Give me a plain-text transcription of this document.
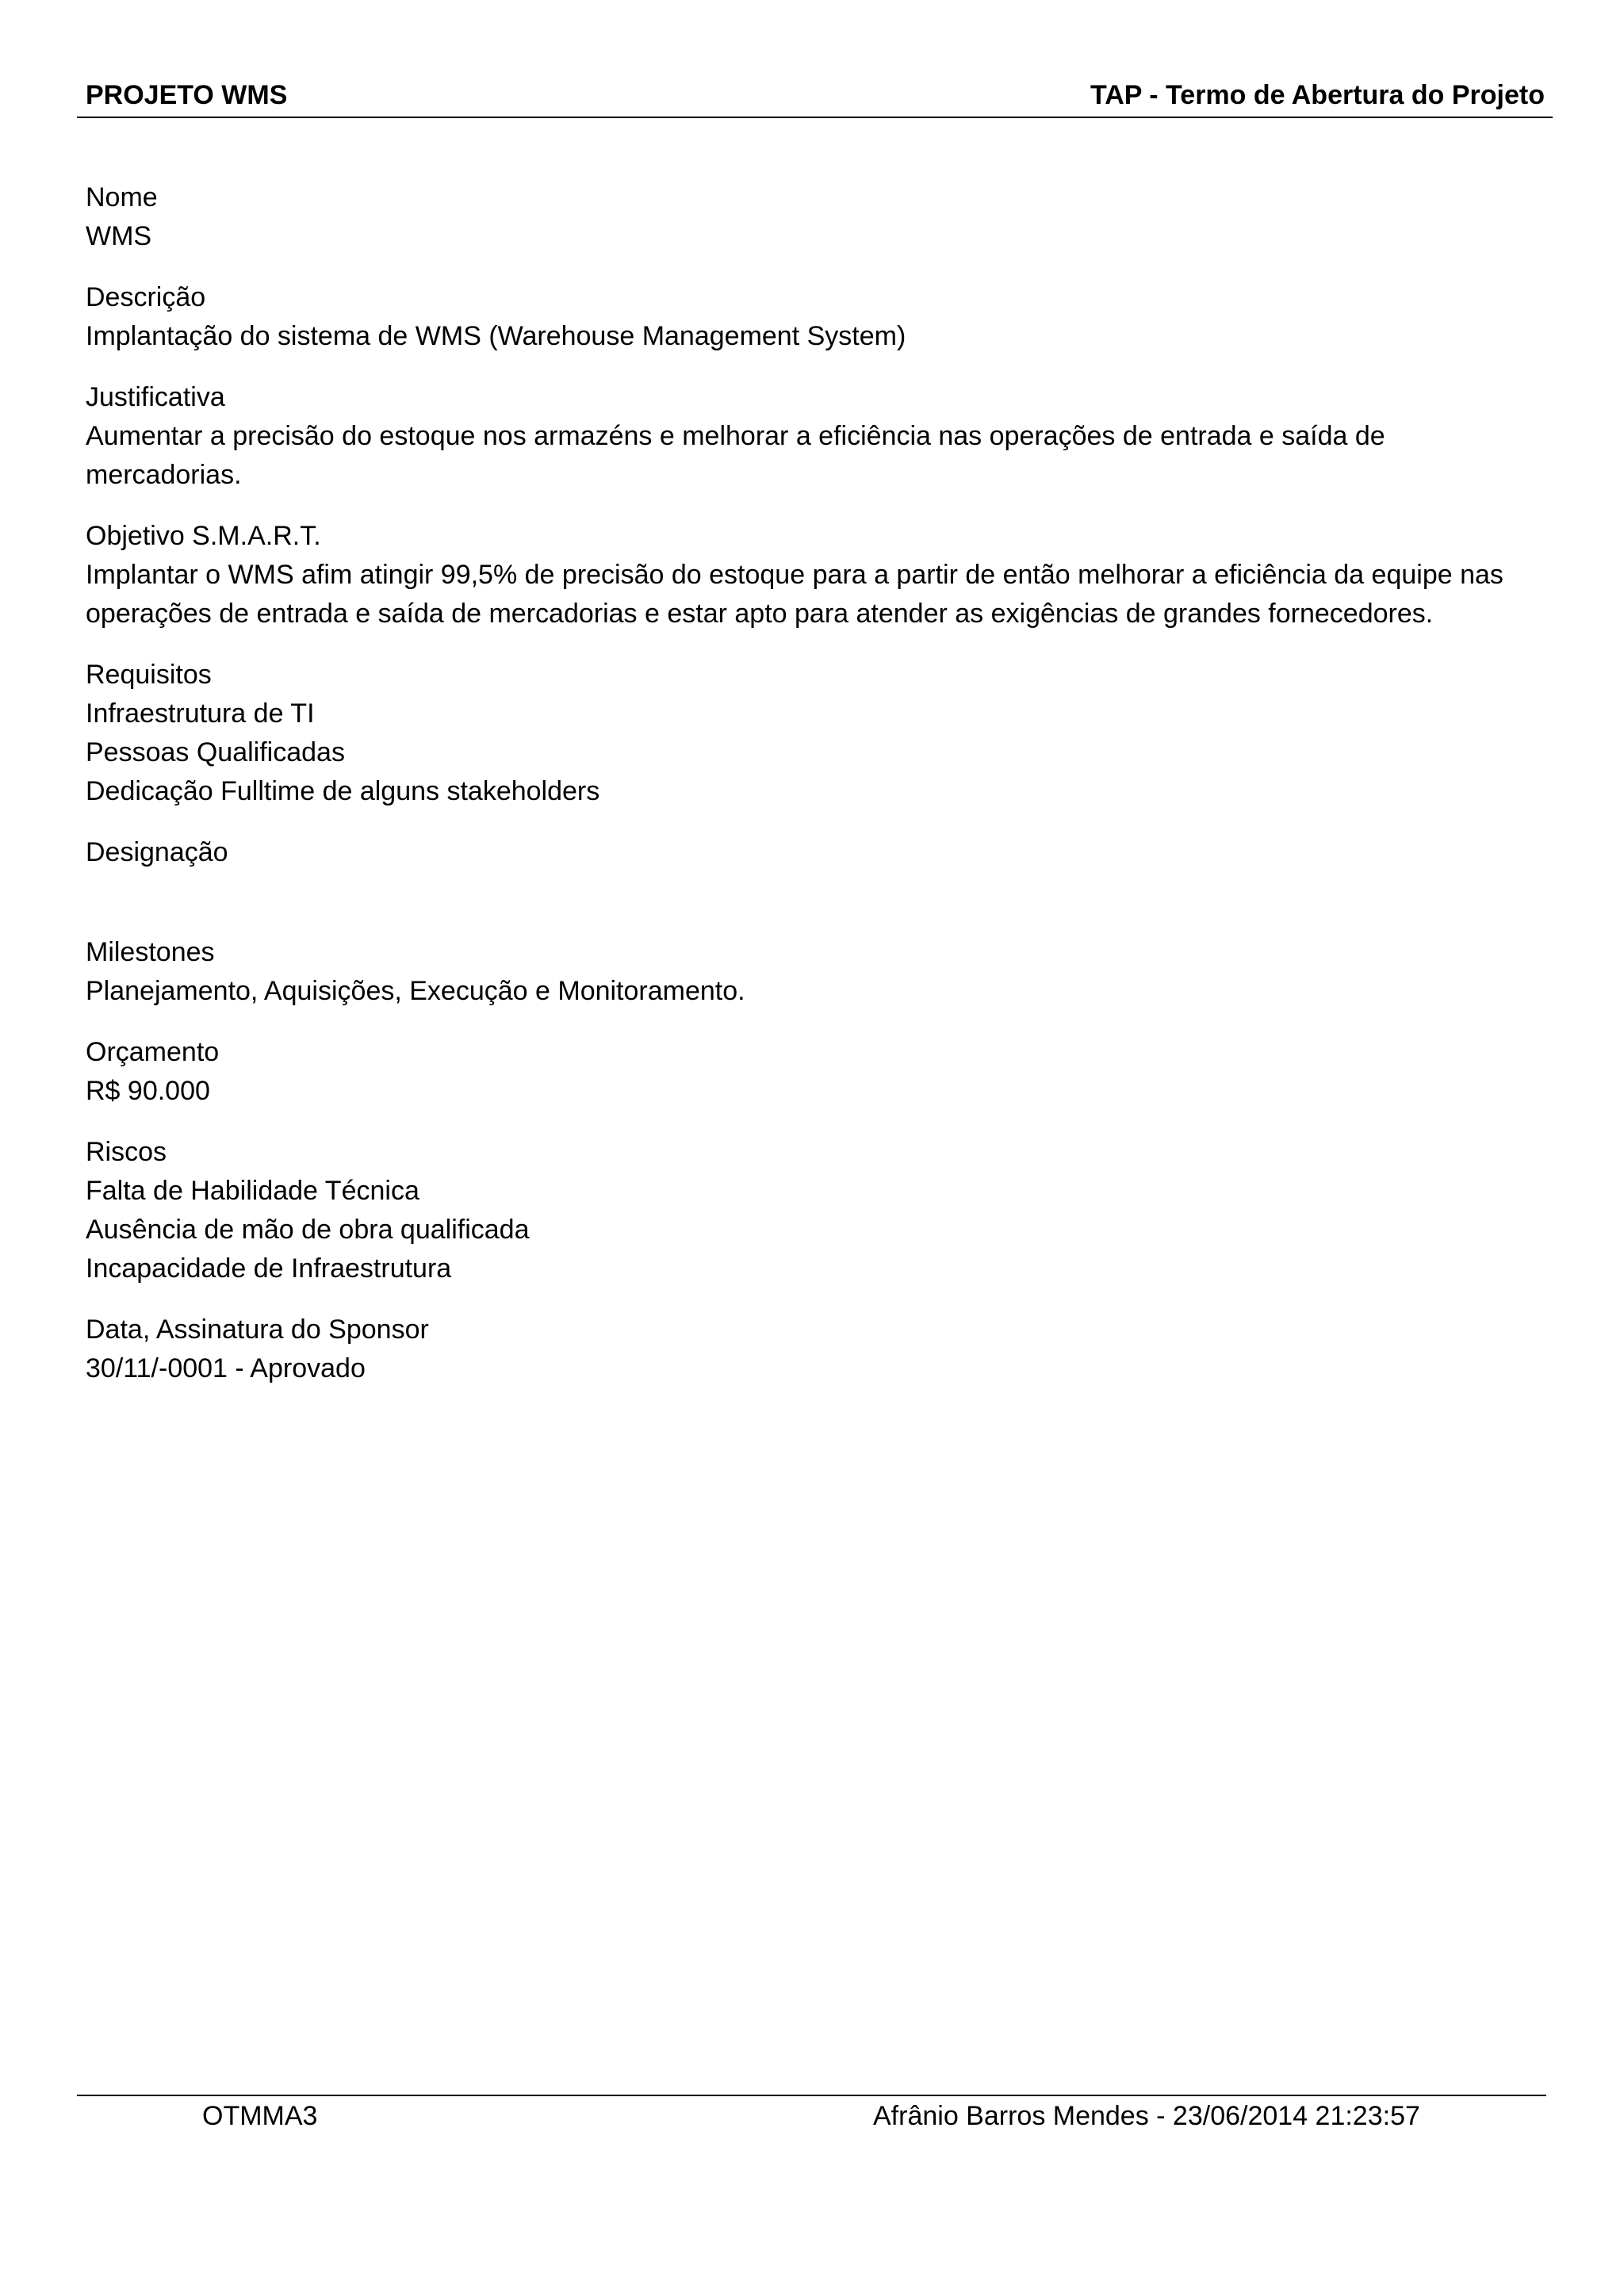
PROJETO WMS	TAP - Termo de Abertura do Projeto
Nome
WMS
Descrição
Implantação do sistema de WMS (Warehouse Management System)
Justificativa
Aumentar a precisão do estoque nos armazéns e melhorar a eficiência nas operações de entrada e saída de
mercadorias.
Objetivo S.M.A.R.T.
Implantar o WMS afim atingir 99,5% de precisão do estoque para a partir de então melhorar a eficiência da equipe nas
operações de entrada e saída de mercadorias e estar apto para atender as exigências de grandes fornecedores.
Requisitos
Infraestrutura de TI
Pessoas Qualificadas
Dedicação Fulltime de alguns stakeholders
Designação
Milestones
Planejamento, Aquisições, Execução e Monitoramento.
Orçamento
R$ 90.000
Riscos
Falta de Habilidade Técnica
Ausência de mão de obra qualificada
Incapacidade de Infraestrutura
Data, Assinatura do Sponsor
30/11/-0001 - Aprovado
OTMMA3	Afrânio Barros Mendes - 23/06/2014 21:23:57
